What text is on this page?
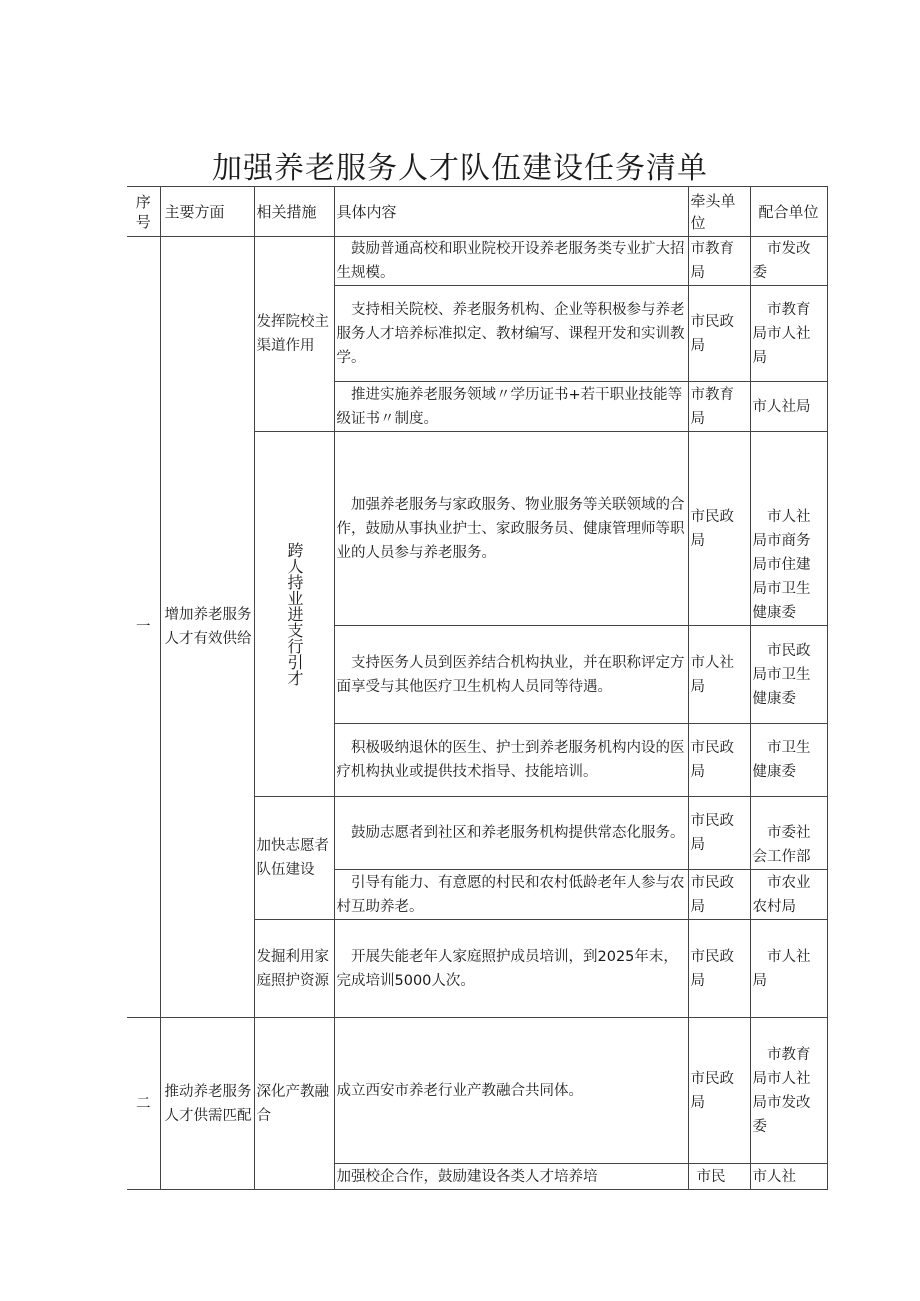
加强养老服务人才队伍建设任务清单
序号	主要方面	相关措施	具体内容	牵头单位	配合单位
一	增加养老服务人才有效供给	发挥院校主渠道作用	鼓励普通高校和职业院校开设养老服务类专业扩大招生规模。	市教育局	市发改委
			支持相关院校、养老服务机构、企业等积极参与养老服务人才培养标准拟定、教材编写、课程开发和实训教学。	市民政局	市教育局市人社局
			推进实施养老服务领域〃学历证书+若干职业技能等级证书〃制度。	市教育局	市人社局

		跨人持业进支行引才	加强养老服务与家政服务、物业服务等关联领域的合作，鼓励从事执业护士、家政服务员、健康管理师等职业的人员参与养老服务。	市民政局	市人社局市商务局市住建局市卫生健康委
			支持医务人员到医养结合机构执业，并在职称评定方面享受与其他医疗卫生机构人员同等待遇。	市人社局	市民政局市卫生健康委
			积极吸纳退休的医生、护士到养老服务机构内设的医疗机构执业或提供技术指导、技能培训。	市民政局	市卫生健康委
		加快志愿者队伍建设	鼓励志愿者到社区和养老服务机构提供常态化服务。	市民政局	市委社会工作部
			引导有能力、有意愿的村民和农村低龄老年人参与农村互助养老。	市民政局	市农业农村局
		发掘利用家庭照护资源	开展失能老年人家庭照护成员培训，到2025年末，完成培训5000人次。	市民政局	市人社局
二	推动养老服务人才供需匹配	深化产教融合	成立西安市养老行业产教融合共同体。	市民政局	市教育局市人社局市发改委
			加强校企合作，鼓励建设各类人才培养培	市民	市人社
